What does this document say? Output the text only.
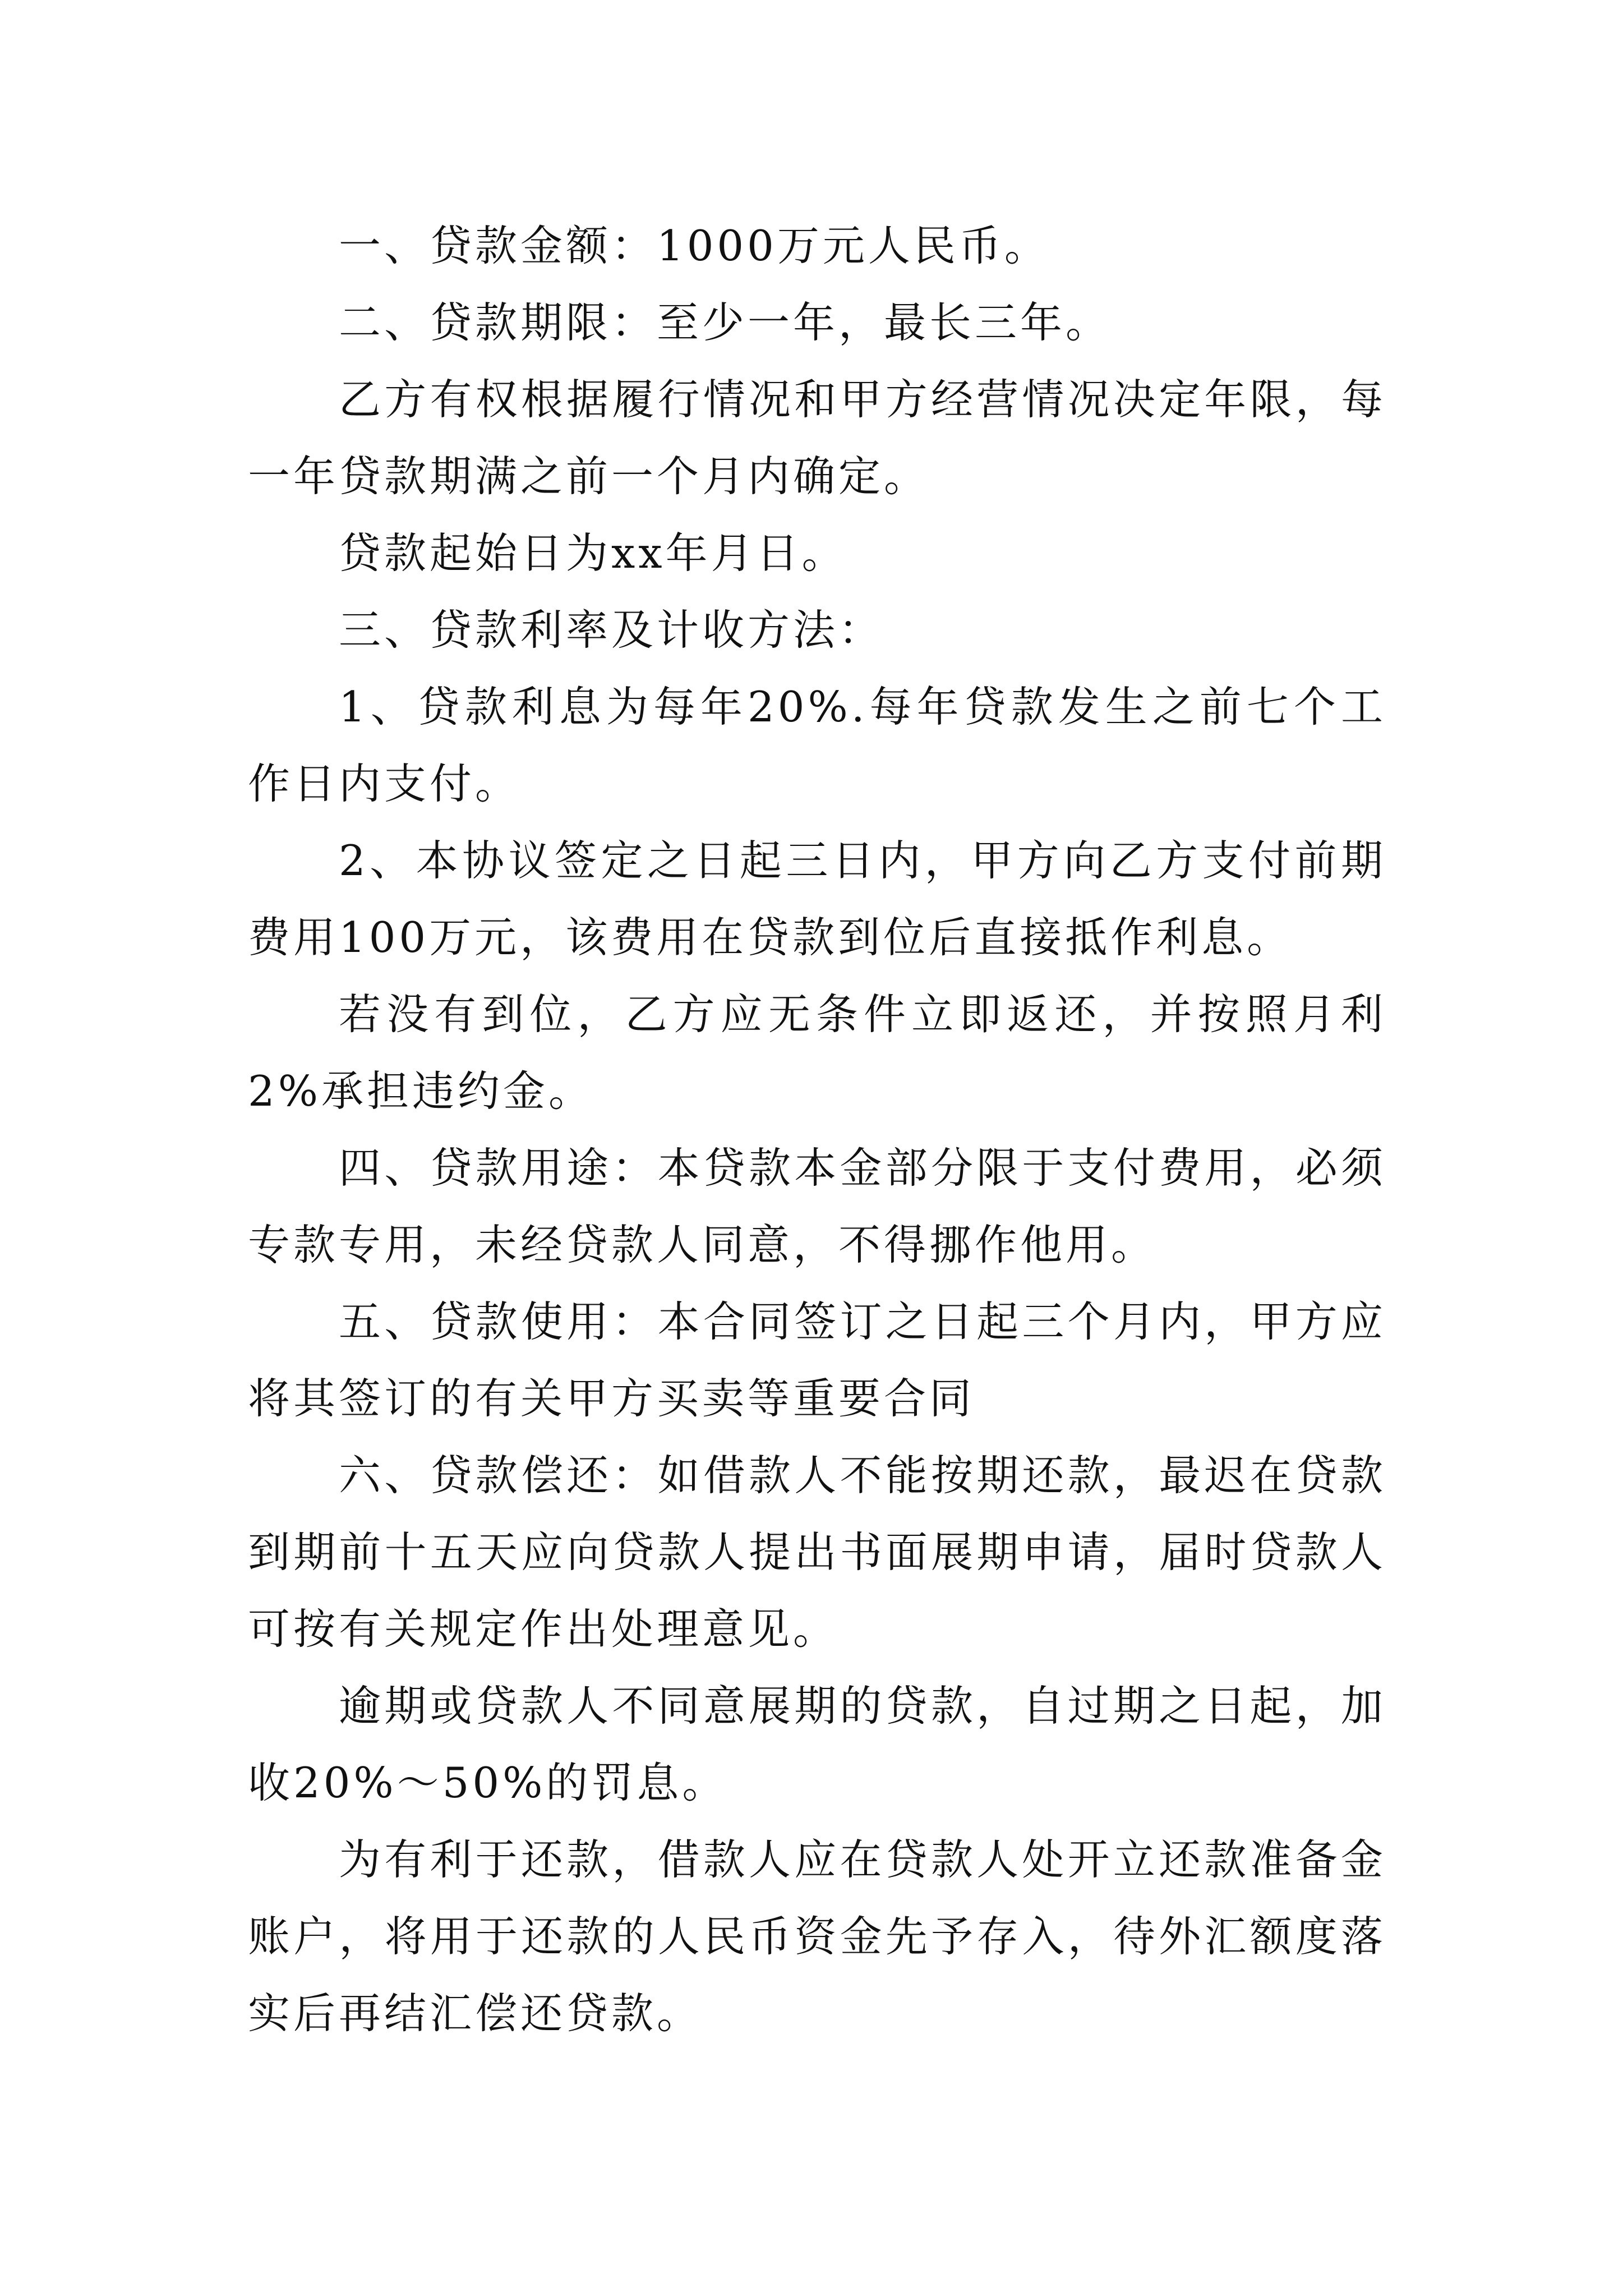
一、贷款金额：1000万元人民币。

二、贷款期限：至少一年，最长三年。

乙方有权根据履行情况和甲方经营情况决定年限，每一年贷款期满之前一个月内确定。

贷款起始日为xx年月日。

三、贷款利率及计收方法：

1、贷款利息为每年20%.每年贷款发生之前七个工作日内支付。

2、本协议签定之日起三日内，甲方向乙方支付前期费用100万元，该费用在贷款到位后直接抵作利息。

若没有到位，乙方应无条件立即返还，并按照月利2%承担违约金。

四、贷款用途：本贷款本金部分限于支付费用，必须专款专用，未经贷款人同意，不得挪作他用。

五、贷款使用：本合同签订之日起三个月内，甲方应将其签订的有关甲方买卖等重要合同

六、贷款偿还：如借款人不能按期还款，最迟在贷款到期前十五天应向贷款人提出书面展期申请，届时贷款人可按有关规定作出处理意见。

逾期或贷款人不同意展期的贷款，自过期之日起，加收20%～50%的罚息。

为有利于还款，借款人应在贷款人处开立还款准备金账户，将用于还款的人民币资金先予存入，待外汇额度落实后再结汇偿还贷款。
